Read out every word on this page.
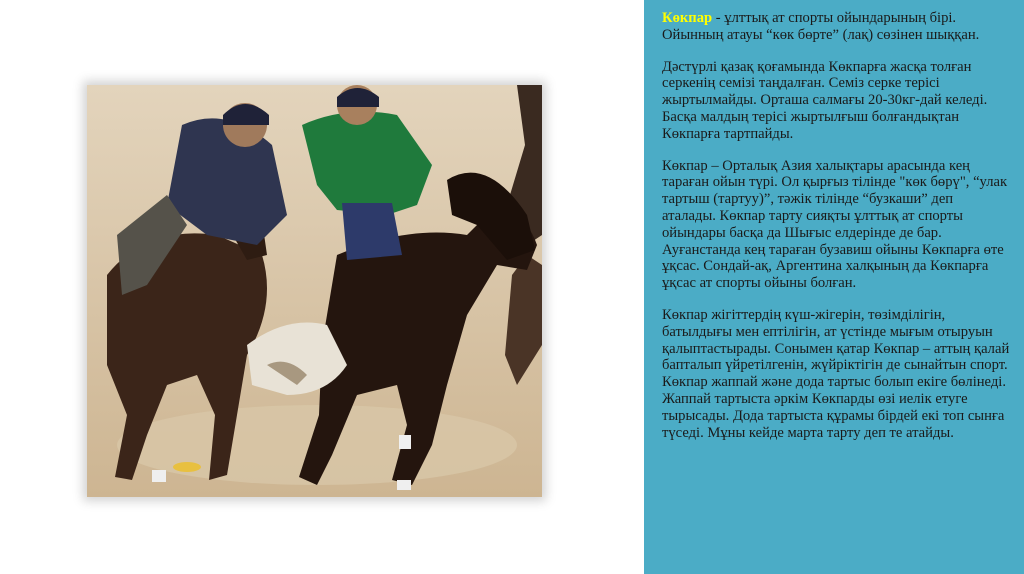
Көкпар - ұлттық ат спорты ойындарының бірі. Ойынның атауы “көк бөрте” (лақ) сөзінен шыққан.

Дәстүрлі қазақ қоғамында Көкпарға жасқа толған серкенің семізі таңдалған. Семіз серке терісі жыртылмайды. Орташа салмағы 20-30кг-дай келеді. Басқа малдың терісі жыртылғыш болғандықтан Көкпарға тартпайды.

Көкпар – Орталық Азия халықтары арасында кең тараған ойын түрі. Ол қырғыз тілінде "көк бөрү", “улак тартыш (тартуу)”, тәжік тілінде “бузкаши” деп аталады. Көкпар тарту сияқты ұлттық ат спорты ойындары басқа да Шығыс елдерінде де бар. Ауғанстанда кең тараған бузавиш ойыны Көкпарға өте ұқсас. Сондай-ақ, Аргентина халқының да Көкпарға ұқсас ат спорты ойыны болған.

Көкпар жігіттердің күш-жігерін, төзімділігін, батылдығы мен ептілігін, ат үстінде мығым отыруын қалыптастырады. Сонымен қатар Көкпар – аттың қалай бапталып үйретілгенін, жүйріктігін де сынайтын спорт. Көкпар жаппай және дода тартыс болып екіге бөлінеді. Жаппай тартыста әркім Көкпарды өзі иелік етуге тырысады. Дода тартыста құрамы бірдей екі топ сынға түседі. Мұны кейде марта тарту деп те атайды.
